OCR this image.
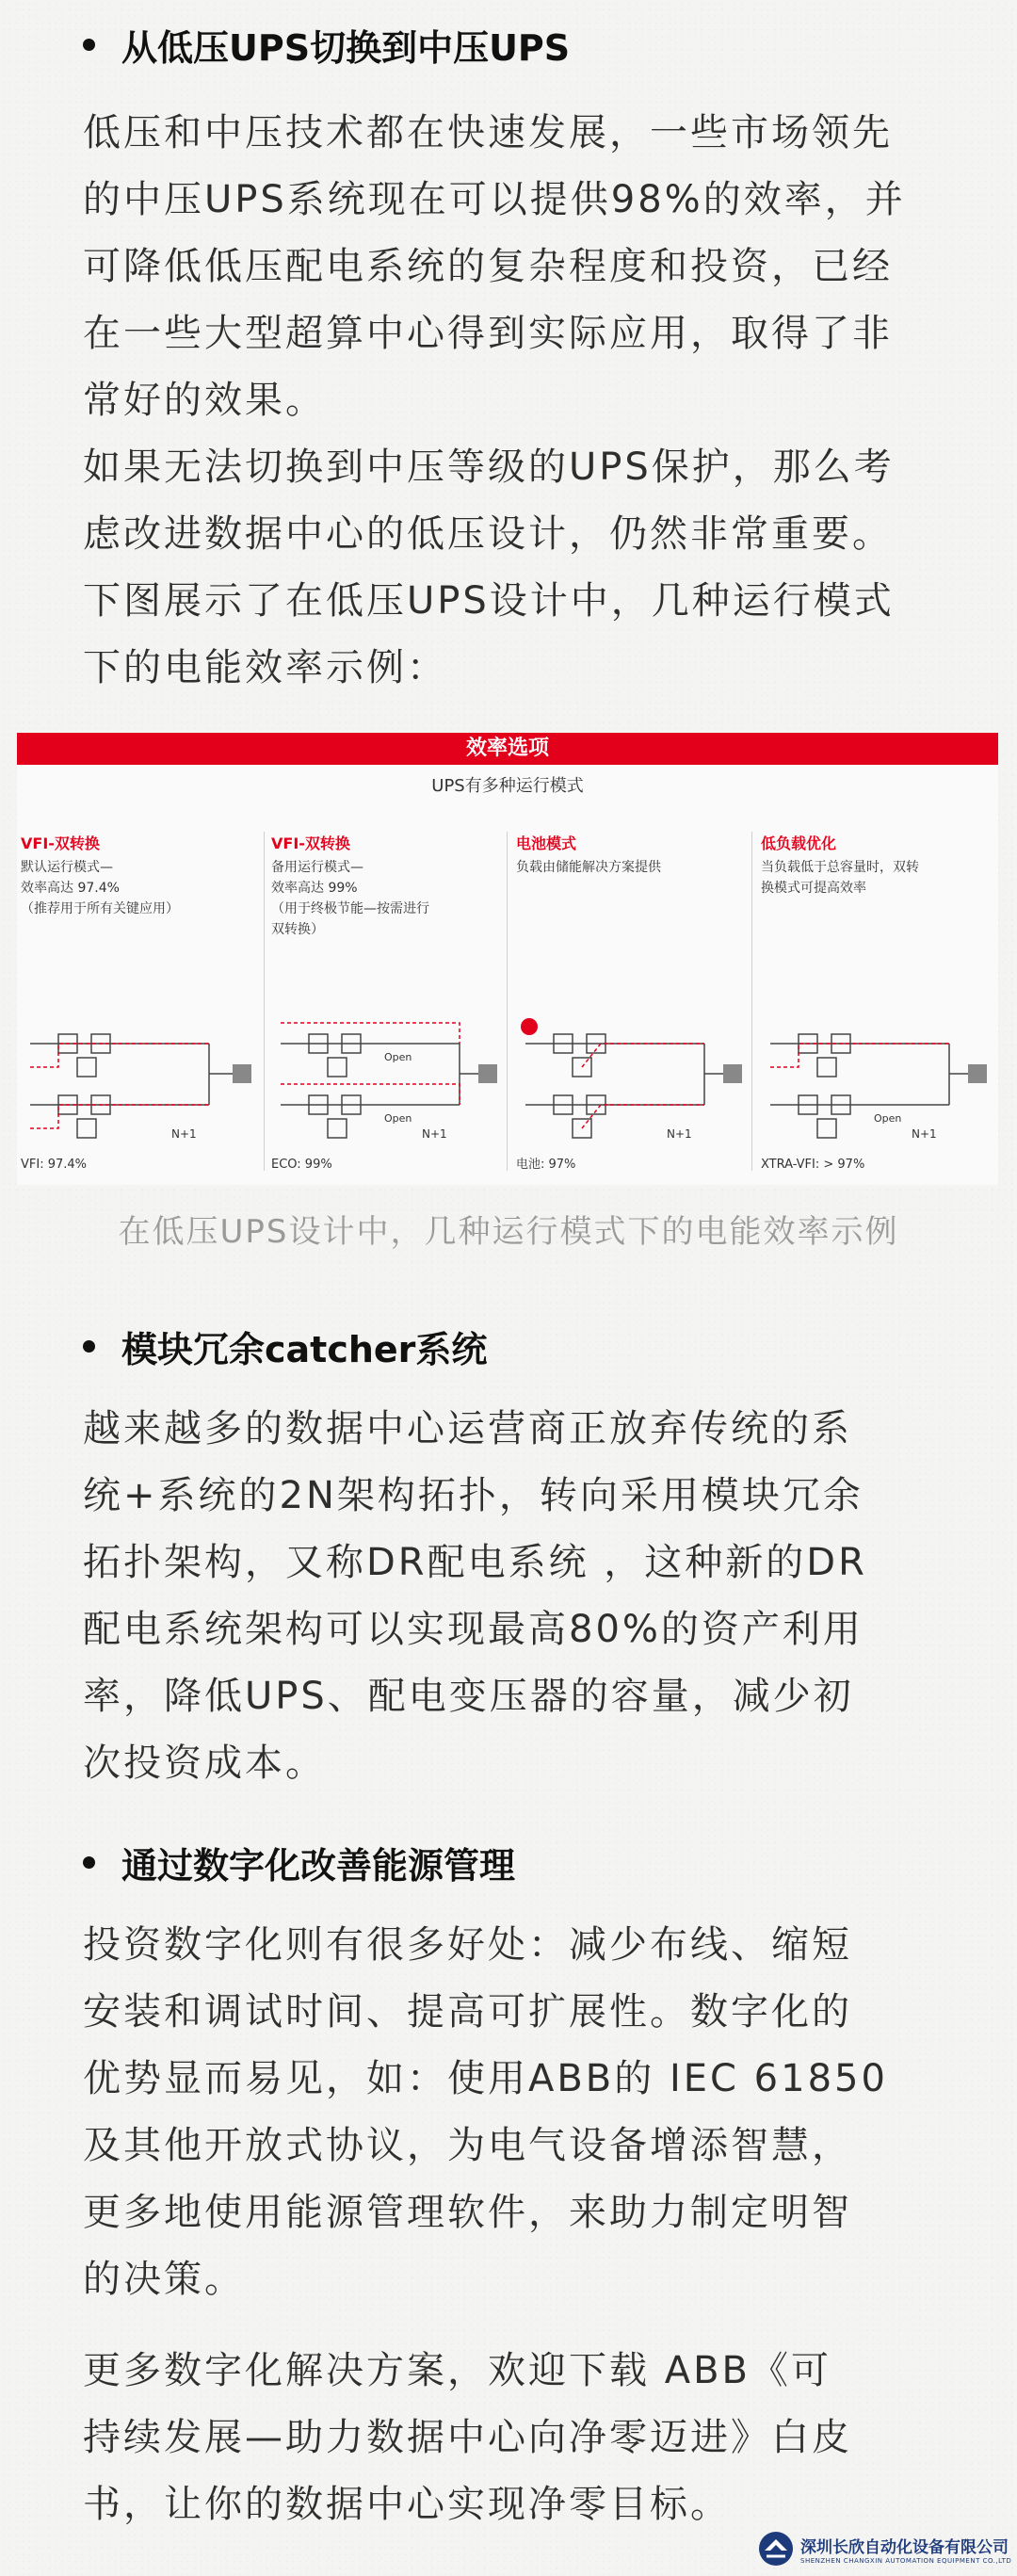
从低压UPS切换到中压UPS

低压和中压技术都在快速发展，一些市场领先

的中压UPS系统现在可以提供98%的效率，并

可降低低压配电系统的复杂程度和投资，已经

在一些大型超算中心得到实际应用，取得了非

常好的效果。

如果无法切换到中压等级的UPS保护，那么考

虑改进数据中心的低压设计，仍然非常重要。

下图展示了在低压UPS设计中，几种运行模式

下的电能效率示例：

效率选项
UPS有多种运行模式
VFI-双转换
默认运行模式—
效率高达 97.4%
（推荐用于所有关键应用）
N+1
VFI: 97.4%
VFI-双转换
备用运行模式—
效率高达 99%
（用于终极节能—按需进行
双转换）
Open
Open
N+1
ECO: 99%
电池模式
负载由储能解决方案提供
N+1
电池: 97%
低负载优化
当负载低于总容量时，双转
换模式可提高效率
Open
N+1
XTRA-VFI: > 97%
在低压UPS设计中，几种运行模式下的电能效率示例
模块冗余catcher系统

越来越多的数据中心运营商正放弃传统的系

统+系统的2N架构拓扑，转向采用模块冗余

拓扑架构，又称DR配电系统 ，这种新的DR

配电系统架构可以实现最高80%的资产利用

率，降低UPS、配电变压器的容量，减少初

次投资成本。

通过数字化改善能源管理

投资数字化则有很多好处：减少布线、缩短

安装和调试时间、提高可扩展性。数字化的

优势显而易见，如：使用ABB的 IEC 61850

及其他开放式协议，为电气设备增添智慧，

更多地使用能源管理软件，来助力制定明智

的决策。

更多数字化解决方案，欢迎下载 ABB《可

持续发展—助力数据中心向净零迈进》白皮

书，让你的数据中心实现净零目标。

深圳长欣自动化设备有限公司
SHENZHEN CHANGXIN AUTOMATION EQUIPMENT CO.,LTD
